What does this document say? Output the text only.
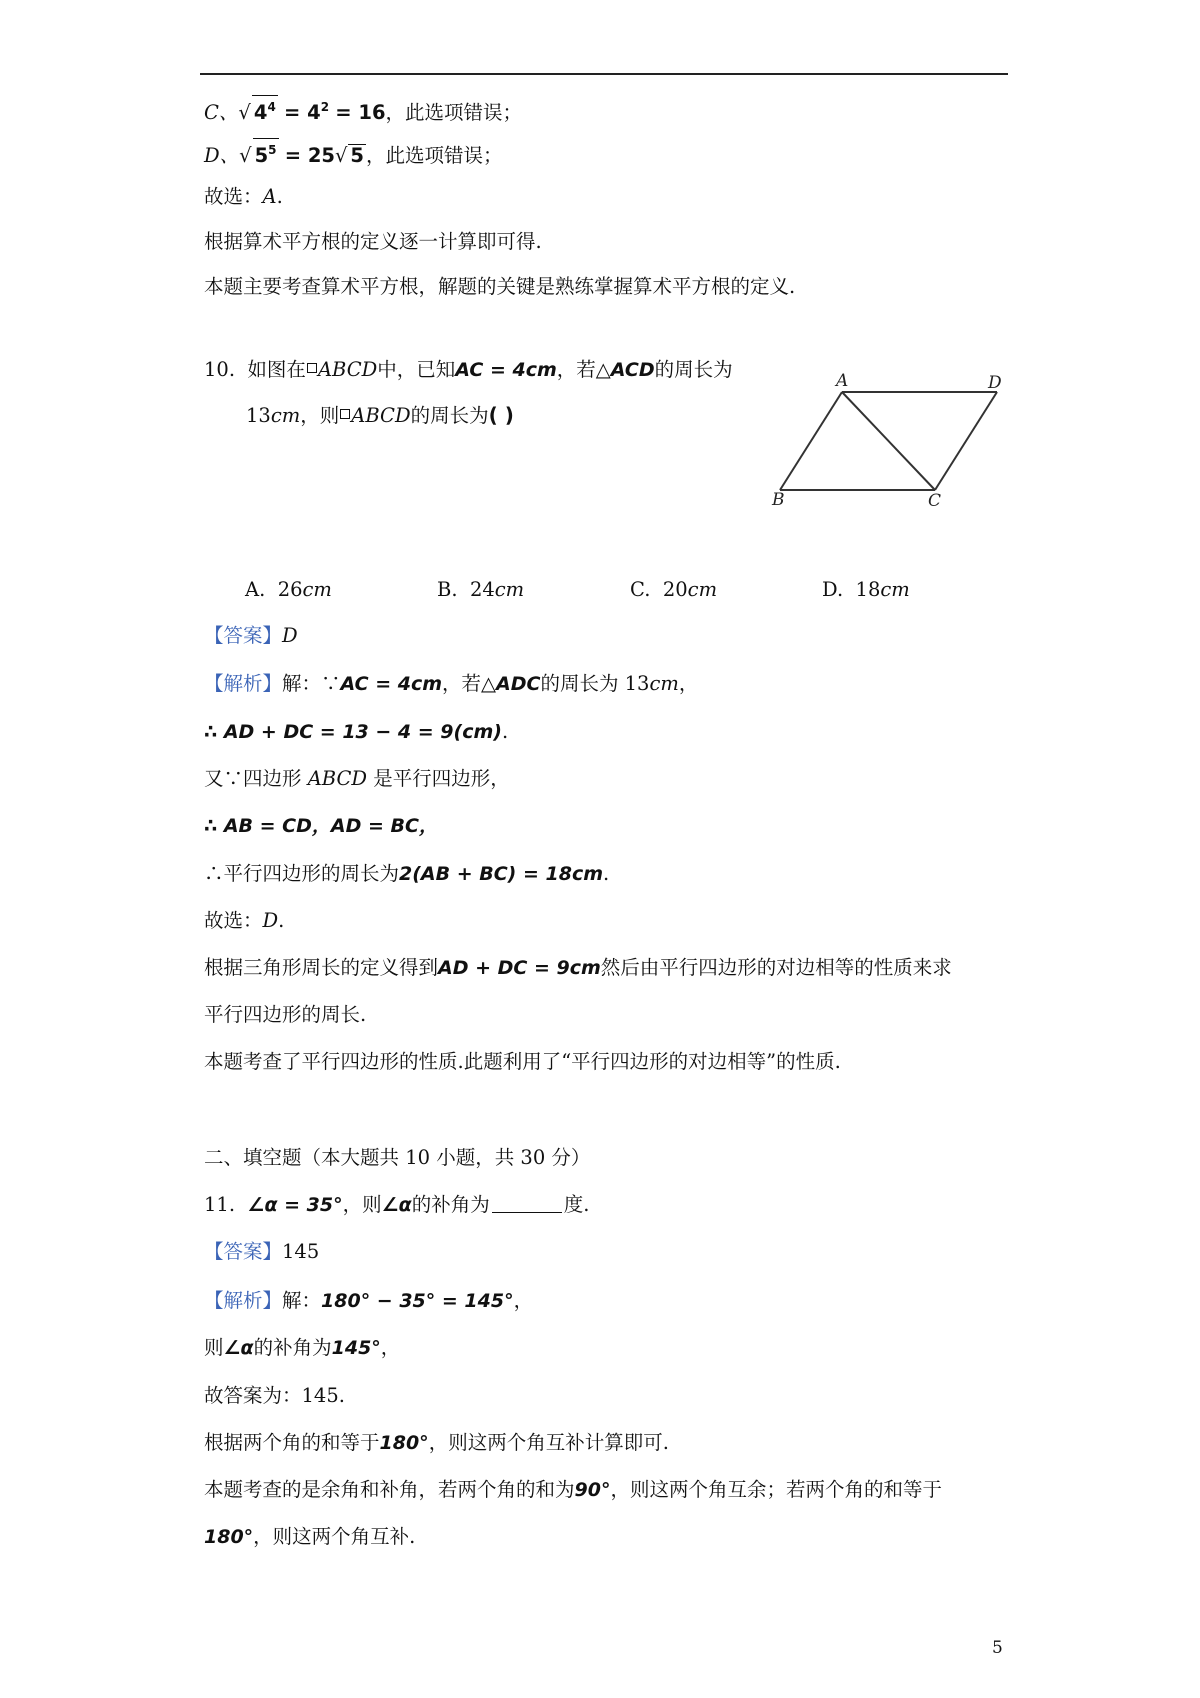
C、√ $4^4 = 4^2 = 16$，此选项错误；
D、√ $5^5 = 25√$ 5 ，此选项错误；
故选：A.
根据算术平方根的定义逐一计算即可得.
本题主要考查算术平方根，解题的关键是熟练掌握算术平方根的定义.
10. 如图在 ABCD中，已知AC = 4cm，若△ACD的周长为
13cm，则 ABCD的周长为( )
A	D
B	C
A. 26cm	B. 24cm	C. 20cm	D. 18cm
【答案】D
【解析】解：∵AC = 4cm，若△ADC的周长为 13cm，
∴ AD + DC = 13 − 4 = 9(cm).
又∵四边形 ABCD 是平行四边形，
∴ AB = CD，AD = BC，
∴平行四边形的周长为2(AB + BC) = 18cm.
故选：D.
根据三角形周长的定义得到AD + DC = 9cm然后由平行四边形的对边相等的性质来求
平行四边形的周长.
本题考查了平行四边形的性质.此题利用了“平行四边形的对边相等”的性质.
二、填空题（本大题共 10 小题，共 30 分）
11. ∠α = 35°，则∠α的补角为	度.
【答案】145
【解析】解：180° − 35° = 145°，
则∠α的补角为145°，
故答案为：145.
根据两个角的和等于180°，则这两个角互补计算即可.
本题考查的是余角和补角，若两个角的和为90°，则这两个角互余；若两个角的和等于
180°，则这两个角互补.
5
